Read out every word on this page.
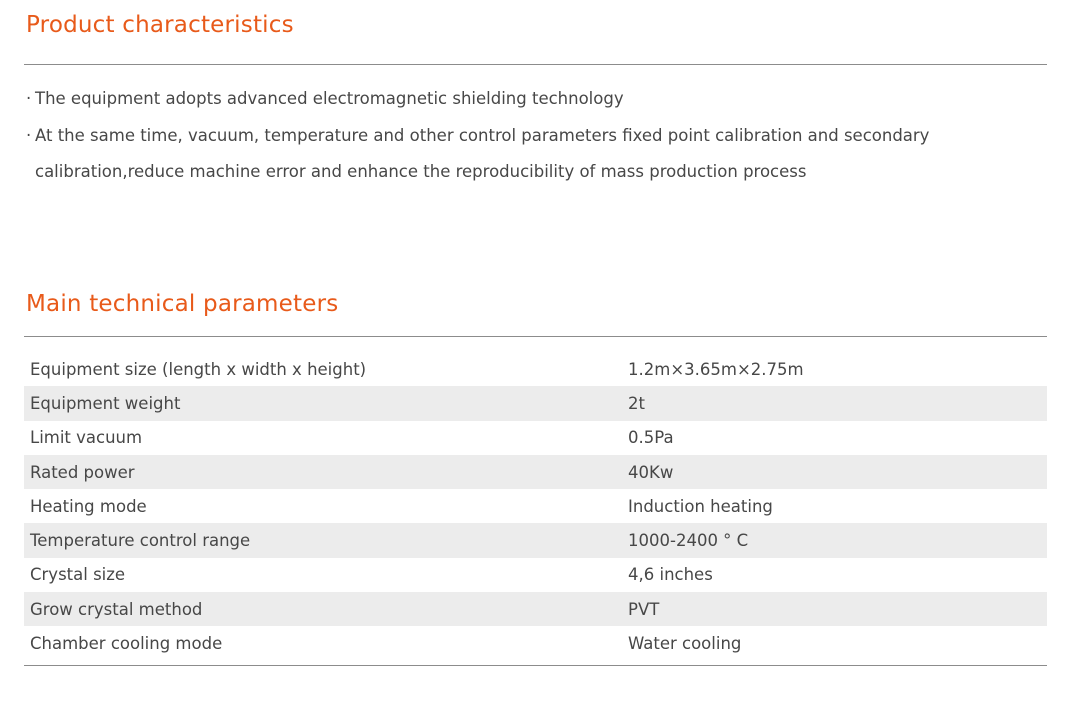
Product characteristics
· The equipment adopts advanced electromagnetic shielding technology
· At the same time, vacuum, temperature and other control parameters fixed point calibration and secondary calibration,reduce machine error and enhance the reproducibility of mass production process
Main technical parameters
Equipment size (length x width x height)	1.2m×3.65m×2.75m
Equipment weight	2t
Limit vacuum	0.5Pa
Rated power	40Kw
Heating mode	Induction heating
Temperature control range	1000-2400 ° C
Crystal size	4,6 inches
Grow crystal method	PVT
Chamber cooling mode	Water cooling
